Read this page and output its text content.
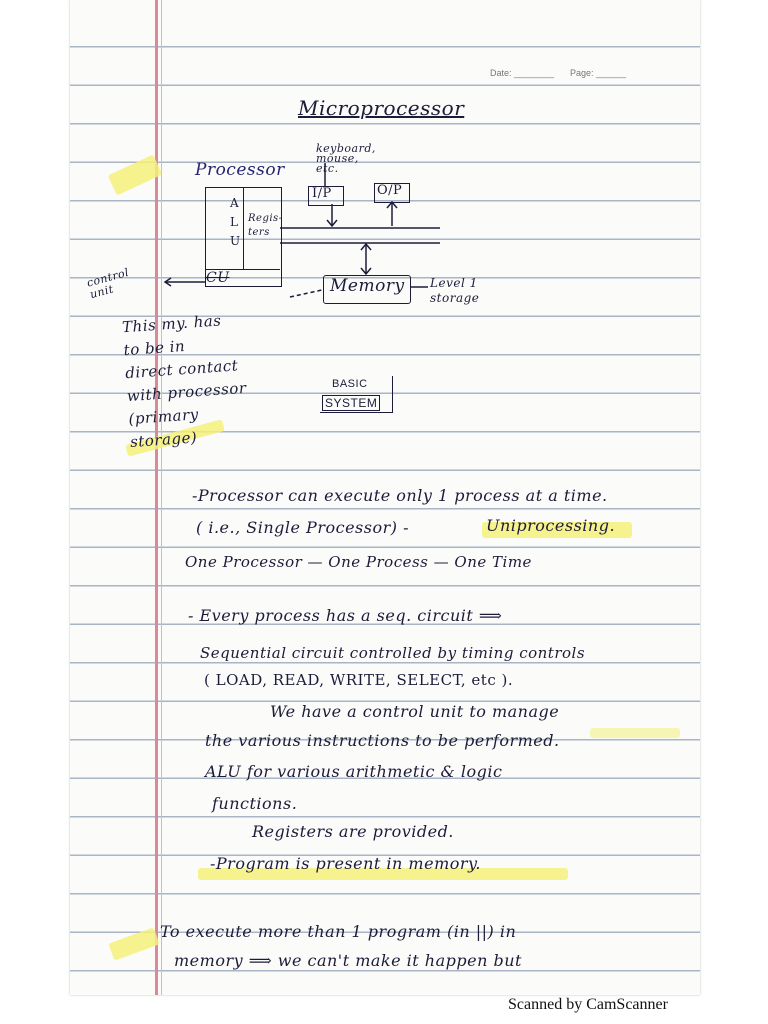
Date: ________ Page: ______
Microprocessor
Processor
keyboard,
mouse,
etc.
A
L
U
Regis-
ters
CU
control
unit
I/P	O/P
Memory Level 1
storage
BASIC
SYSTEM
This my. has
to be in
direct contact
with processor
(primary
storage)
-Processor can execute only 1 process at a time.
( i.e., Single Processor) -	Uniprocessing.
One Processor — One Process — One Time
- Every process has a seq. circuit ⟹
Sequential circuit controlled by timing controls
( LOAD, READ, WRITE, SELECT, etc ).
We have a control unit to manage
the various instructions to be performed.
ALU for various arithmetic & logic
functions.
Registers are provided.
-Program is present in memory.
To execute more than 1 program (in ||) in
memory ⟹ we can't make it happen but
Scanned by CamScanner
